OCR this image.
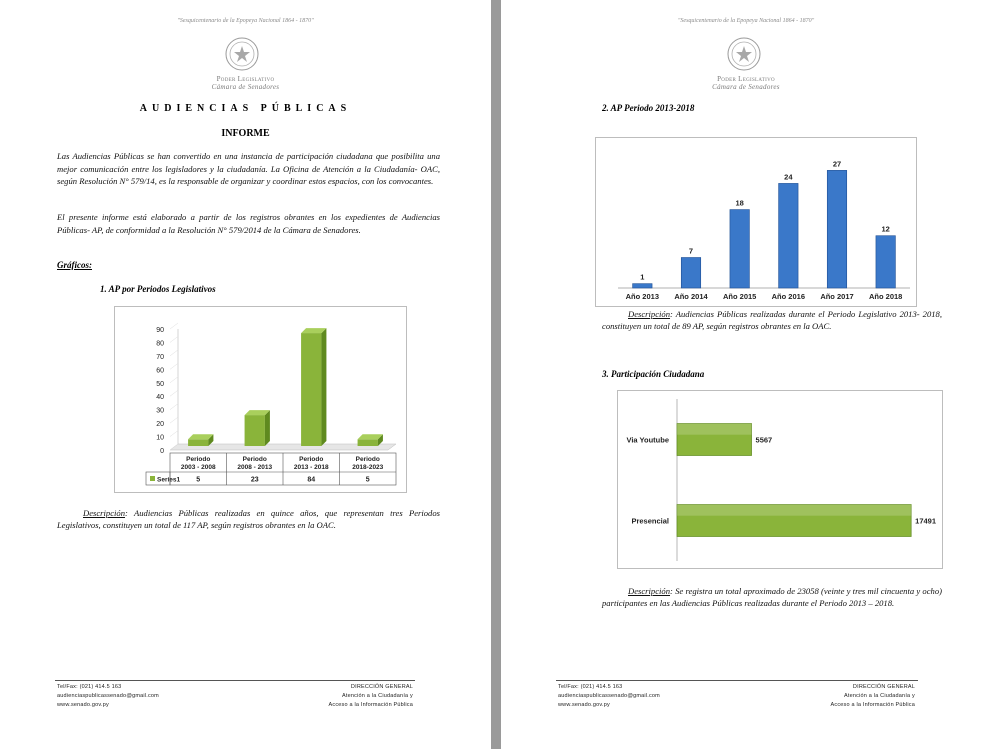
"Sesquicentenario de la Epopeya Nacional 1864 - 1870"
Poder Legislativo
Cámara de Senadores
AUDIENCIAS PÚBLICAS
INFORME
Las Audiencias Públicas se han convertido en una instancia de participación ciudadana que posibilita una mejor comunicación entre los legisladores y la ciudadanía. La Oficina de Atención a la Ciudadanía- OAC, según Resolución N° 579/14, es la responsable de organizar y coordinar estos espacios, con los convocantes.
El presente informe está elaborado a partir de los registros obrantes en los expedientes de Audiencias Públicas- AP, de conformidad a la Resolución N° 579/2014 de la Cámara de Senadores.
Gráficos:
1. AP por Periodos Legislativos
0
10
20
30
40
50
60
70
80
90
Series1
Periodo
2003 - 2008
5
Periodo
2008 - 2013
23
Periodo
2013 - 2018
84
Periodo
2018-2023
5
Descripción: Audiencias Públicas realizadas en quince años, que representan tres Periodos Legislativos, constituyen un total de 117 AP, según registros obrantes en la OAC.
Tel/Fax: (021) 414.5 163
audienciaspublicassenado@gmail.com
www.senado.gov.py
DIRECCIÓN GENERAL
Atención a la Ciudadanía y
Acceso a la Información Pública
"Sesquicentenario de la Epopeya Nacional 1864 - 1870"
Poder Legislativo
Cámara de Senadores
2. AP Periodo 2013-2018
1
Año 2013
7
Año 2014
18
Año 2015
24
Año 2016
27
Año 2017
12
Año 2018
Descripción: Audiencias Públicas realizadas durante el Periodo Legislativo 2013- 2018, constituyen un total de 89 AP, según registros obrantes en la OAC.
3. Participación Ciudadana
Via Youtube	5567
Presencial	17491
Descripción: Se registra un total aproximado de 23058 (veinte y tres mil cincuenta y ocho) participantes en las Audiencias Públicas realizadas durante el Periodo 2013 – 2018.
Tel/Fax: (021) 414.5 163
audienciaspublicassenado@gmail.com
www.senado.gov.py
DIRECCIÓN GENERAL
Atención a la Ciudadanía y
Acceso a la Información Pública
